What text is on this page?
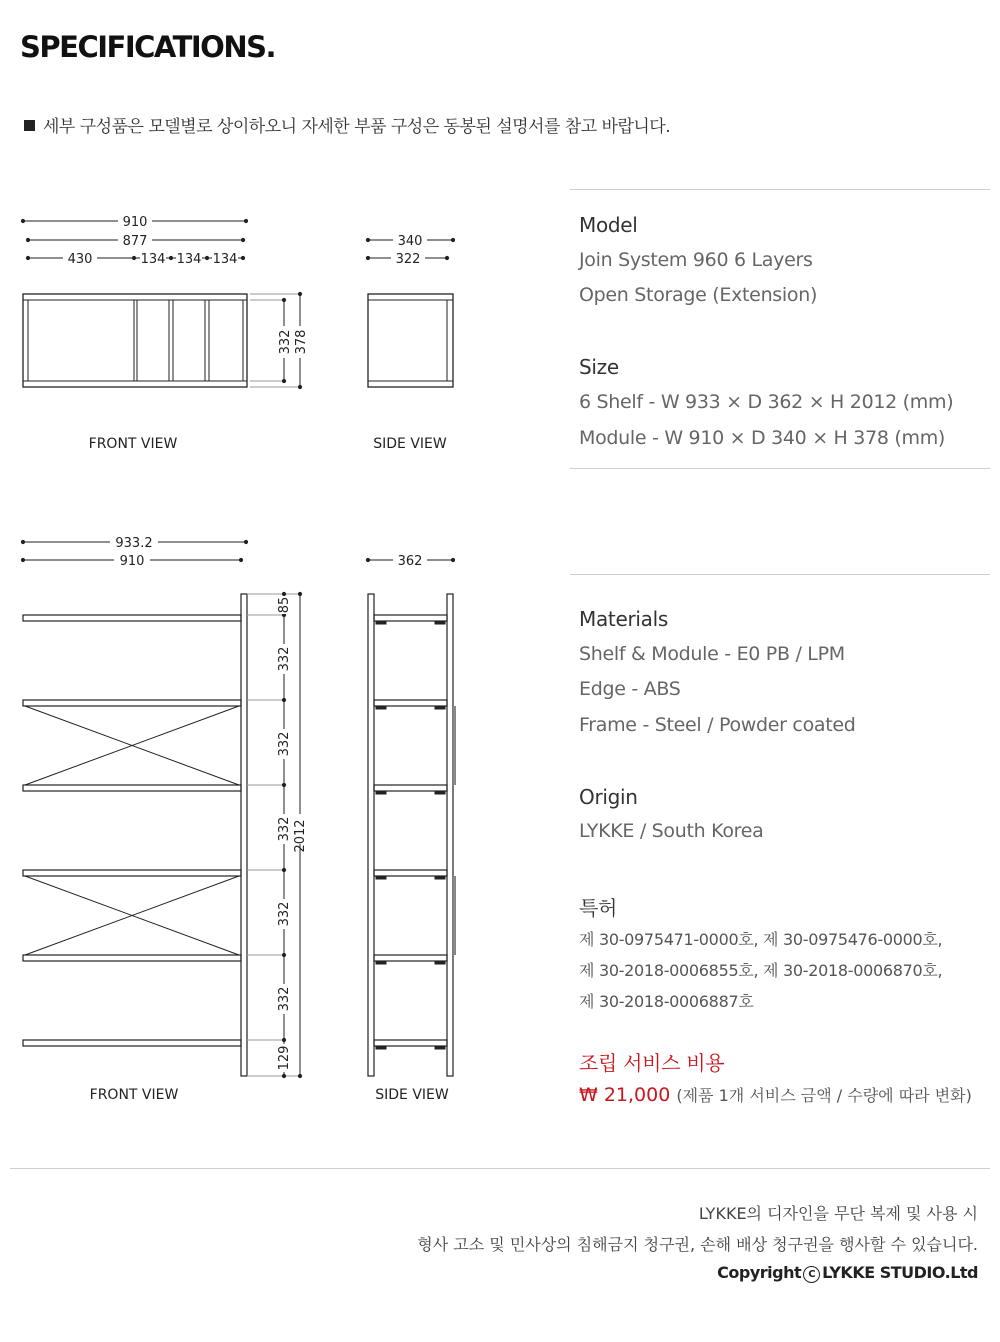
SPECIFICATIONS.
세부 구성품은 모델별로 상이하오니 자세한 부품 구성은 동봉된 설명서를 참고 바랍니다.
910
877
430	134 134 134
332 378
FRONT VIEW
340
322
SIDE VIEW
933.2
910
85
332
332
332 2012
332
332
129
FRONT VIEW
362
SIDE VIEW
Model
Join System 960 6 Layers
Open Storage (Extension)
Size
6 Shelf - W 933 × D 362 × H 2012 (mm)
Module - W 910 × D 340 × H 378 (mm)
Materials
Shelf & Module - E0 PB / LPM
Edge - ABS
Frame - Steel / Powder coated
Origin
LYKKE / South Korea
특허
제 30-0975471-0000호, 제 30-0975476-0000호,
제 30-2018-0006855호, 제 30-2018-0006870호,
제 30-2018-0006887호
조립 서비스 비용
₩ 21,000 (제품 1개 서비스 금액 / 수량에 따라 변화)
LYKKE의 디자인을 무단 복제 및 사용 시
형사 고소 및 민사상의 침해금지 청구권, 손해 배상 청구권을 행사할 수 있습니다.
Copyright C LYKKE STUDIO.Ltd
